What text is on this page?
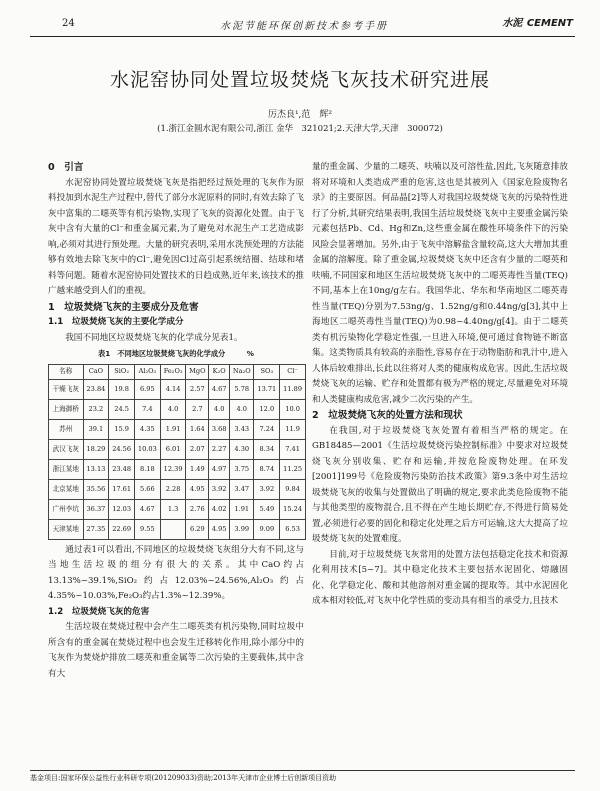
24	水泥节能环保创新技术参考手册	水泥 CEMENT
水泥窑协同处置垃圾焚烧飞灰技术研究进展
厉杰良¹,范　辉²
(1.浙江金圆水泥有限公司,浙江 金华　321021;2.天津大学,天津　300072)

0　引言

水泥窑协同处置垃圾焚烧飞灰是指把经过预处理的飞灰作为原料投加到水泥生产过程中,替代了部分水泥原料的同时,有效去除了飞灰中富集的二噁英等有机污染物,实现了飞灰的资源化处置。由于飞灰中含有大量的Cl⁻和重金属元素,为了避免对水泥生产工艺造成影响,必须对其进行预处理。大量的研究表明,采用水洗预处理的方法能够有效地去除飞灰中的Cl⁻,避免因Cl过高引起系统结圈、结球和堵料等问题。随着水泥窑协同处置技术的日趋成熟,近年来,该技术的推广越来越受到人们的重视。

1　垃圾焚烧飞灰的主要成分及危害

1.1　垃圾焚烧飞灰的主要化学成分

我国不同地区垃圾焚烧飞灰的化学成分见表1。

表1　不同地区垃圾焚烧飞灰的化学成分　　　%

名称	CaO	SiO₂	Al₂O₃	Fe₂O₃	MgO	K₂O	Na₂O	SO₃	Cl⁻
干燥飞灰	23.84	19.8	6.95	4.14	2.57	4.67	5.78	13.71	11.89
上海御桥	23.2	24.5	7.4	4.0	2.7	4.0	4.0	12.0	10.0
苏州	39.1	15.9	4.35	1.91	1.64	3.68	3.43	7.24	11.9
武汉飞灰	18.29	24.56	10.03	6.01	2.07	2.27	4.30	8.34	7.41
浙江某地	13.13	23.48	8.18	12.39	1.49	4.97	3.75	8.74	11.25
北京某地	35.56	17.61	5.66	2.28	4.95	3.92	3.47	3.92	9.84
广州李坑	36.37	12.03	4.67	1.3	2.76	4.02	1.91	5.49	15.24
天津某地	27.35	22.69	9.55		6.29	4.95	3.99	9.09	6.53

通过表1可以看出,不同地区的垃圾焚烧飞灰组分大有不同,这与当地生活垃圾的组分有很大的关系。其中CaO约占13.13%~39.1%,SiO₂约占12.03%~24.56%,Al₂O₃约占4.35%~10.03%,Fe₂O₃约占1.3%~12.39%。

1.2　垃圾焚烧飞灰的危害

生活垃圾在焚烧过程中会产生二噁英类有机污染物,同时垃圾中所含有的重金属在焚烧过程中也会发生迁移转化作用,除小部分中的飞灰作为焚烧炉排放二噁英和重金属等二次污染的主要载体,其中含有大

量的重金属、少量的二噁英、呋喃以及可溶性盐,因此,飞灰随意排放将对环境和人类造成严重的危害,这也是其被列入《国家危险废物名录》的主要原因。何品晶[2]等人对我国垃圾焚烧飞灰的污染特性进行了分析,其研究结果表明,我国生活垃圾焚烧飞灰中主要重金属污染元素包括Pb、Cd、Hg和Zn,这些重金属在酸性环境条件下的污染风险会显著增加。另外,由于飞灰中溶解盐含量较高,这大大增加其重金属的溶解度。除了重金属,垃圾焚烧飞灰中还含有少量的二噁英和呋喃,不同国家和地区生活垃圾焚烧飞灰中的二噁英毒性当量(TEQ)不同,基本上在10ng/g左右。我国华北、华东和华南地区二噁英毒性当量(TEQ)分别为7.53ng/g、1.52ng/g和0.44ng/g[3],其中上海地区二噁英毒性当量(TEQ)为0.98~4.40ng/g[4]。由于二噁英类有机污染物化学稳定性强,一旦进入环境,便可通过食物链不断富集。这类物质具有较高的亲脂性,容易存在于动物脂肪和乳汁中,进入人体后较难排出,长此以往将对人类的健康构成危害。因此,生活垃圾焚烧飞灰的运输、贮存和处置都有极为严格的规定,尽量避免对环境和人类健康构成危害,减少二次污染的产生。

2　垃圾焚烧飞灰的处置方法和现状

在我国,对于垃圾焚烧飞灰处置有着相当严格的规定。在GB18485—2001《生活垃圾焚烧污染控制标准》中要求对垃圾焚烧飞灰分别收集、贮存和运输,并按危险废物处理。在环发[2001]199号《危险废物污染防治技术政策》第9.3条中对生活垃圾焚烧飞灰的收集与处置做出了明确的规定,要求此类危险废物不能与其他类型的废物混合,且不得在产生地长期贮存,不得进行简易处置,必须进行必要的固化和稳定化处理之后方可运输,这大大提高了垃圾焚烧飞灰的处置难度。

目前,对于垃圾焚烧飞灰常用的处置方法包括稳定化技术和资源化利用技术[5~7]。其中稳定化技术主要包括水泥固化、熔融固化、化学稳定化、酸和其他溶剂对重金属的提取等。其中水泥固化成本相对较低,对飞灰中化学性质的变动具有相当的承受力,且技术

基金项目:国家环保公益性行业科研专项(201209033)资助;2013年天津市企业博士后创新项目资助
